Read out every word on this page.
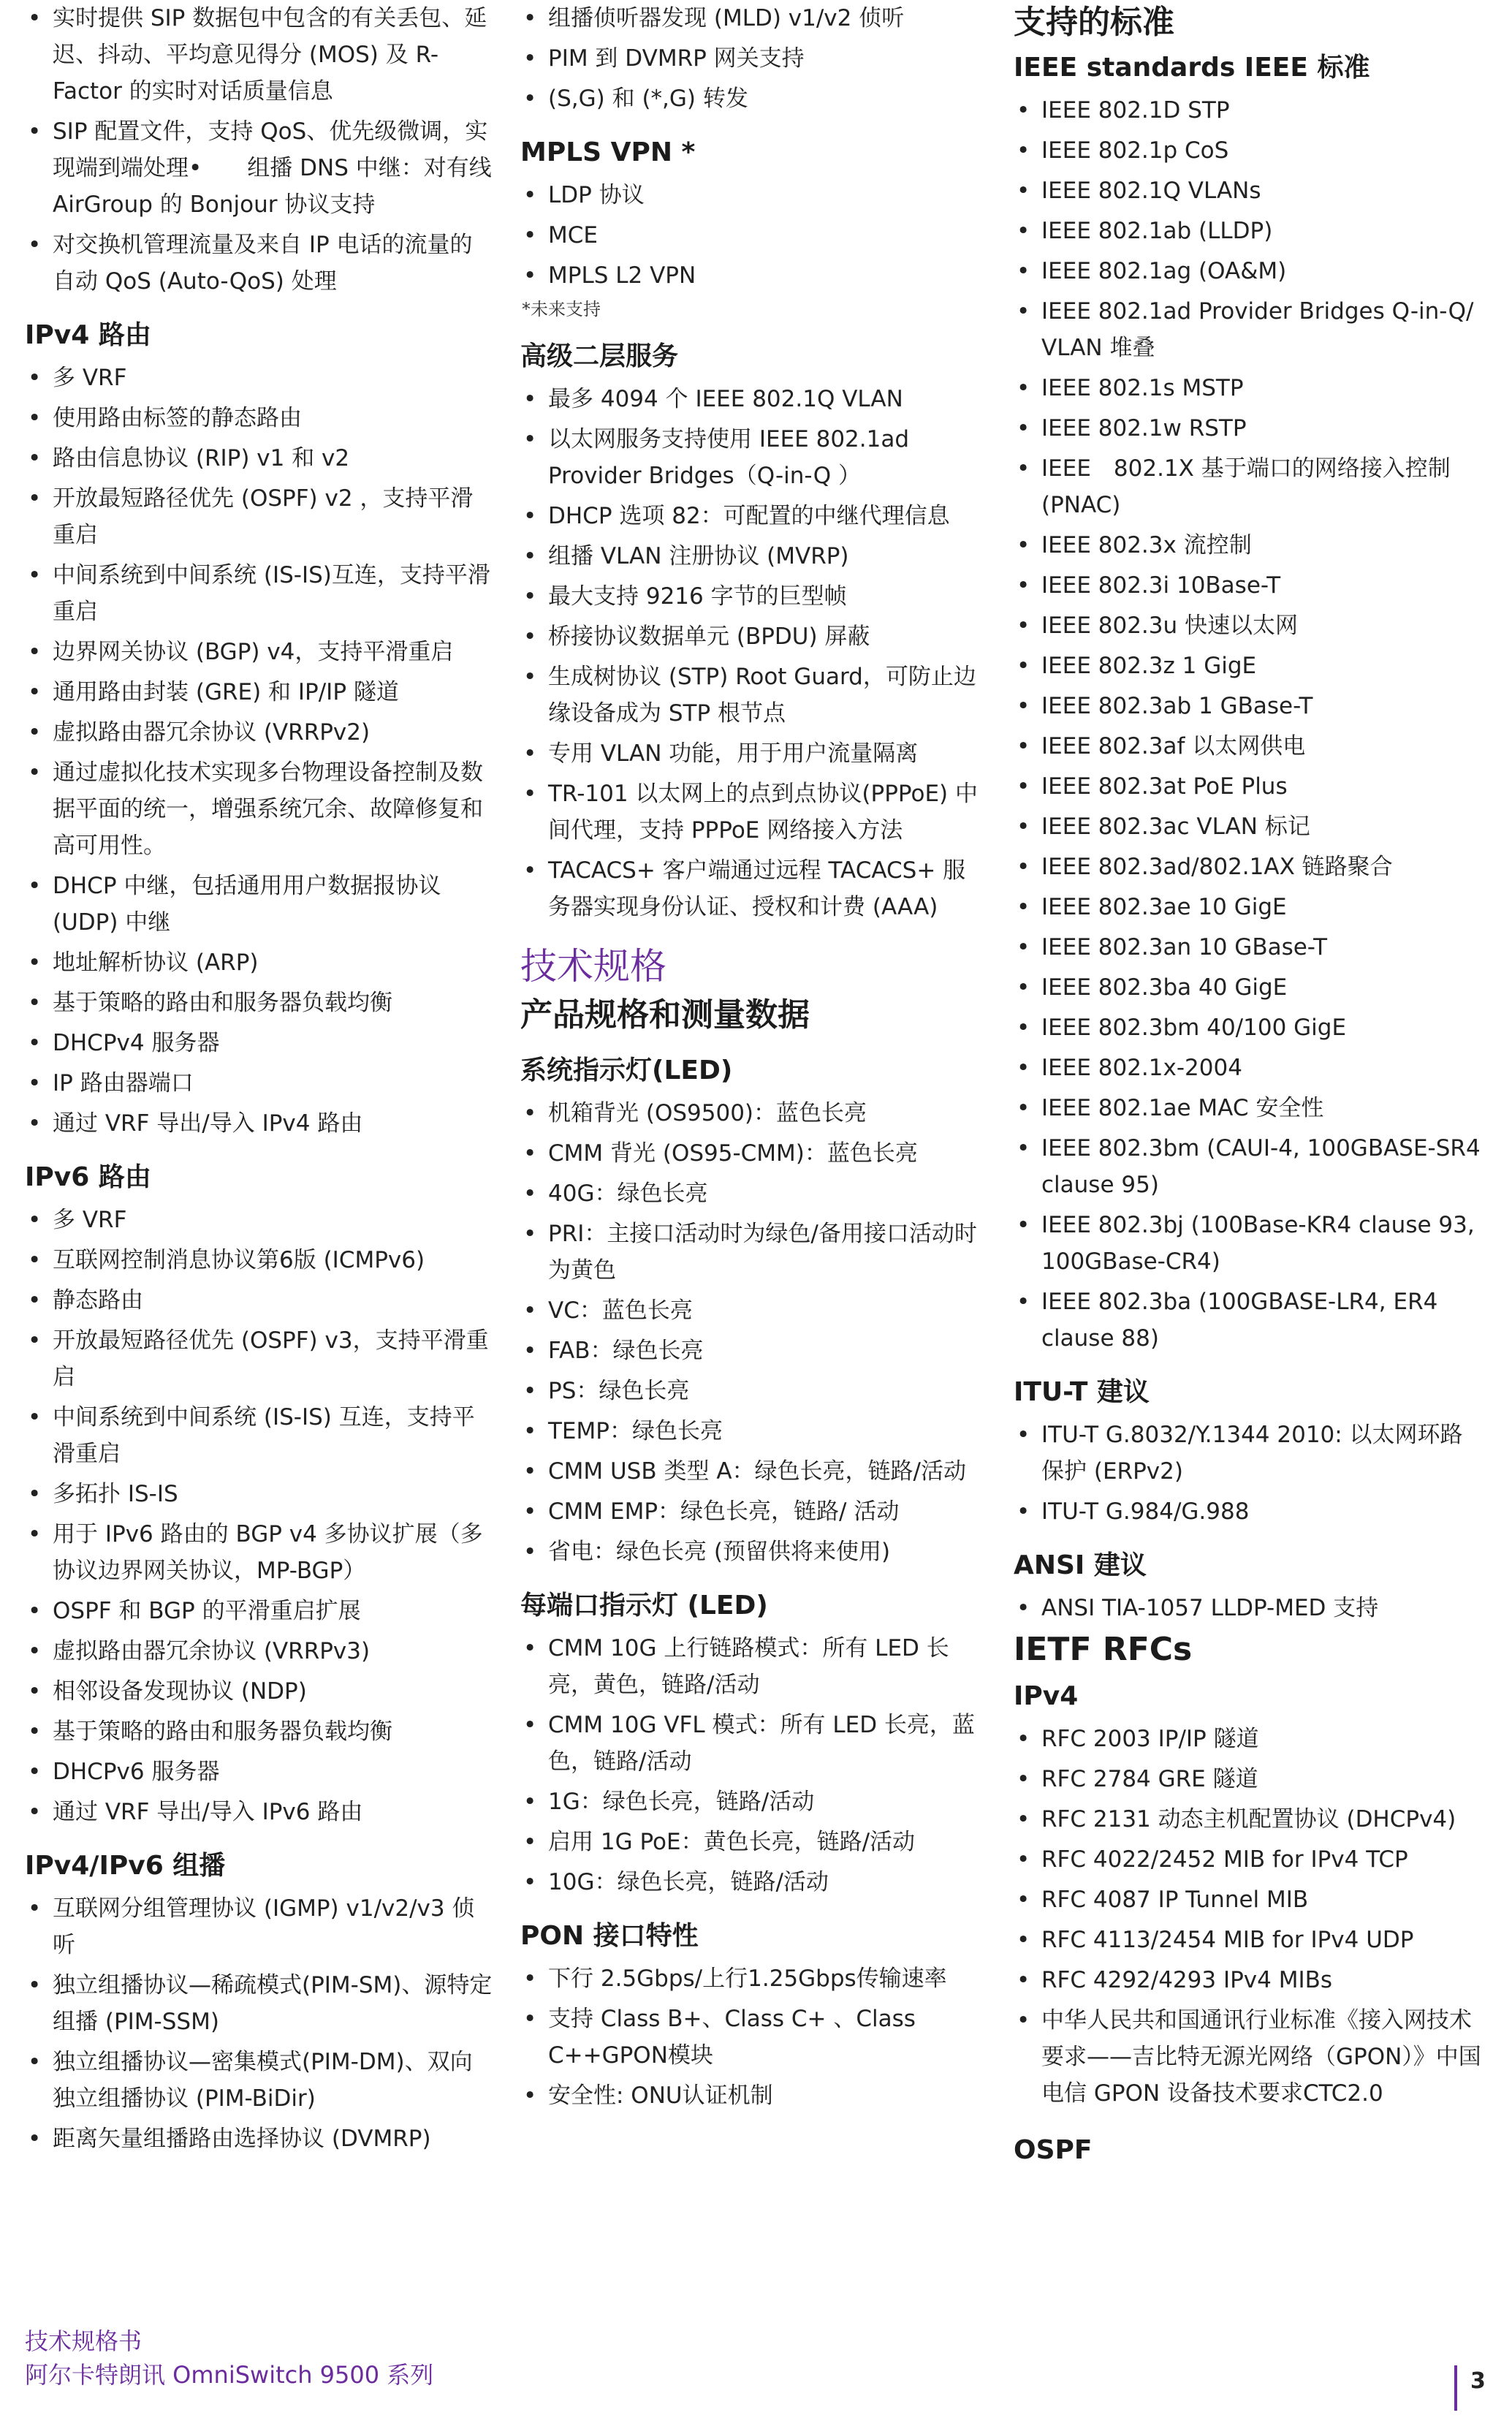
• 实时提供 SIP 数据包中包含的有关丢包、延迟、抖动、平均意见得分 (MOS) 及 R-Factor 的实时对话质量信息
• SIP 配置文件，支持 QoS、优先级微调，实现端到端处理•　　组播 DNS 中继：对有线 AirGroup 的 Bonjour 协议支持
• 对交换机管理流量及来自 IP 电话的流量的自动 QoS (Auto-QoS) 处理
IPv4 路由
• 多 VRF
• 使用路由标签的静态路由
• 路由信息协议 (RIP) v1 和 v2
• 开放最短路径优先 (OSPF) v2 ，支持平滑重启
• 中间系统到中间系统 (IS-IS)互连，支持平滑重启
• 边界网关协议 (BGP) v4，支持平滑重启
• 通用路由封装 (GRE) 和 IP/IP 隧道
• 虚拟路由器冗余协议 (VRRPv2)
• 通过虚拟化技术实现多台物理设备控制及数据平面的统一，增强系统冗余、故障修复和高可用性。
• DHCP 中继，包括通用用户数据报协议 (UDP) 中继
• 地址解析协议 (ARP)
• 基于策略的路由和服务器负载均衡
• DHCPv4 服务器
• IP 路由器端口
• 通过 VRF 导出/导入 IPv4 路由
IPv6 路由
• 多 VRF
• 互联网控制消息协议第6版 (ICMPv6)
• 静态路由
• 开放最短路径优先 (OSPF) v3，支持平滑重启
• 中间系统到中间系统 (IS-IS) 互连，支持平滑重启
• 多拓扑 IS-IS
• 用于 IPv6 路由的 BGP v4 多协议扩展（多协议边界网关协议，MP-BGP）
• OSPF 和 BGP 的平滑重启扩展
• 虚拟路由器冗余协议 (VRRPv3)
• 相邻设备发现协议 (NDP)
• 基于策略的路由和服务器负载均衡
• DHCPv6 服务器
• 通过 VRF 导出/导入 IPv6 路由
IPv4/IPv6 组播
• 互联网分组管理协议 (IGMP) v1/v2/v3 侦听
• 独立组播协议—稀疏模式(PIM-SM)、源特定组播 (PIM-SSM)
• 独立组播协议—密集模式(PIM-DM)、双向独立组播协议 (PIM-BiDir)
• 距离矢量组播路由选择协议 (DVMRP)
• 组播侦听器发现 (MLD) v1/v2 侦听
• PIM 到 DVMRP 网关支持
• (S,G) 和 (*,G) 转发
MPLS VPN *
• LDP 协议
• MCE
• MPLS L2 VPN
*未来支持
高级二层服务
• 最多 4094 个 IEEE 802.1Q VLAN
• 以太网服务支持使用 IEEE 802.1ad Provider Bridges（Q-in-Q ）
• DHCP 选项 82：可配置的中继代理信息
• 组播 VLAN 注册协议 (MVRP)
• 最大支持 9216 字节的巨型帧
• 桥接协议数据单元 (BPDU) 屏蔽
• 生成树协议 (STP) Root Guard，可防止边缘设备成为 STP 根节点
• 专用 VLAN 功能，用于用户流量隔离
• TR-101 以太网上的点到点协议(PPPoE) 中间代理，支持 PPPoE 网络接入方法
• TACACS+ 客户端通过远程 TACACS+ 服务器实现身份认证、授权和计费 (AAA)
技术规格
产品规格和测量数据
系统指示灯(LED)
• 机箱背光 (OS9500)：蓝色长亮
• CMM 背光 (OS95-CMM)：蓝色长亮
• 40G：绿色长亮
• PRI：主接口活动时为绿色/备用接口活动时为黄色
• VC：蓝色长亮
• FAB：绿色长亮
• PS：绿色长亮
• TEMP：绿色长亮
• CMM USB 类型 A：绿色长亮，链路/活动
• CMM EMP：绿色长亮，链路/ 活动
• 省电：绿色长亮 (预留供将来使用)
每端口指示灯 (LED)
• CMM 10G 上行链路模式：所有 LED 长亮，黄色，链路/活动
• CMM 10G VFL 模式：所有 LED 长亮，蓝色，链路/活动
• 1G：绿色长亮，链路/活动
• 启用 1G PoE：黄色长亮，链路/活动
• 10G：绿色长亮，链路/活动
PON 接口特性
• 下行 2.5Gbps/上行1.25Gbps传输速率
• 支持 Class B+、Class C+ 、Class C++GPON模块
• 安全性: ONU认证机制
支持的标准
IEEE standards IEEE 标准
• IEEE 802.1D STP
• IEEE 802.1p CoS
• IEEE 802.1Q VLANs
• IEEE 802.1ab (LLDP)
• IEEE 802.1ag (OA&M)
• IEEE 802.1ad Provider Bridges Q-in-Q/ VLAN 堆叠
• IEEE 802.1s MSTP
• IEEE 802.1w RSTP
• IEEE　802.1X 基于端口的网络接入控制 (PNAC)
• IEEE 802.3x 流控制
• IEEE 802.3i 10Base-T
• IEEE 802.3u 快速以太网
• IEEE 802.3z 1 GigE
• IEEE 802.3ab 1 GBase-T
• IEEE 802.3af 以太网供电
• IEEE 802.3at PoE Plus
• IEEE 802.3ac VLAN 标记
• IEEE 802.3ad/802.1AX 链路聚合
• IEEE 802.3ae 10 GigE
• IEEE 802.3an 10 GBase-T
• IEEE 802.3ba 40 GigE
• IEEE 802.3bm 40/100 GigE
• IEEE 802.1x-2004
• IEEE 802.1ae MAC 安全性
• IEEE 802.3bm (CAUI-4, 100GBASE-SR4 clause 95)
• IEEE 802.3bj (100Base-KR4 clause 93, 100GBase-CR4)
• IEEE 802.3ba (100GBASE-LR4, ER4 clause 88)
ITU-T 建议
• ITU-T G.8032/Y.1344 2010: 以太网环路保护 (ERPv2)
• ITU-T G.984/G.988
ANSI 建议
• ANSI TIA-1057 LLDP-MED 支持
IETF RFCs
IPv4
• RFC 2003 IP/IP 隧道
• RFC 2784 GRE 隧道
• RFC 2131 动态主机配置协议 (DHCPv4)
• RFC 4022/2452 MIB for IPv4 TCP
• RFC 4087 IP Tunnel MIB
• RFC 4113/2454 MIB for IPv4 UDP
• RFC 4292/4293 IPv4 MIBs
• 中华人民共和国通讯行业标准《接入网技术要求——吉比特无源光网络（GPON）》中国电信 GPON 设备技术要求CTC2.0
OSPF
技术规格书
阿尔卡特朗讯 OmniSwitch 9500 系列	3
